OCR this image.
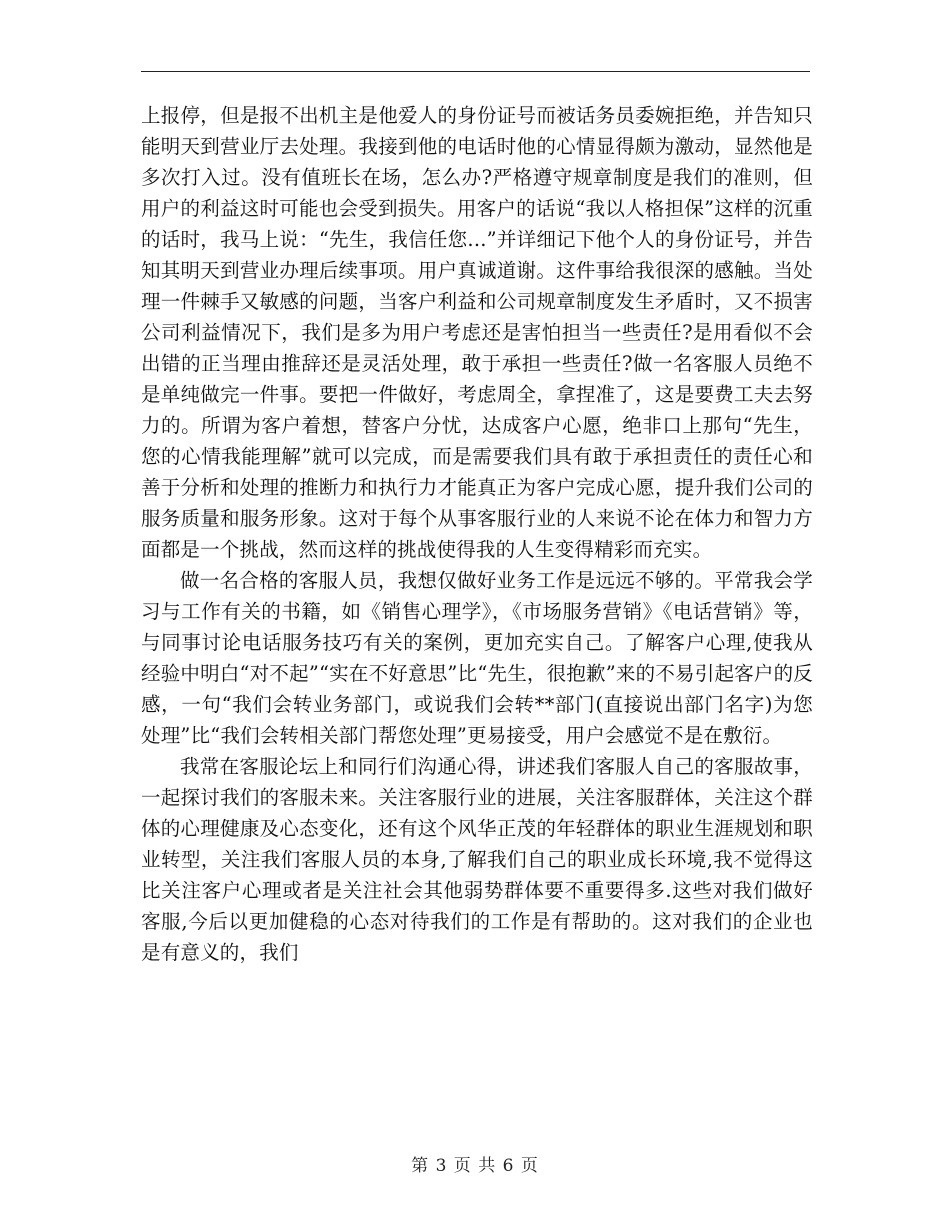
上报停，但是报不出机主是他爱人的身份证号而被话务员委婉拒绝，并告知只能明天到营业厅去处理。我接到他的电话时他的心情显得颇为激动，显然他是多次打入过。没有值班长在场，怎么办?严格遵守规章制度是我们的准则，但用户的利益这时可能也会受到损失。用客户的话说“我以人格担保”这样的沉重的话时，我马上说：“先生，我信任您...”并详细记下他个人的身份证号，并告知其明天到营业办理后续事项。用户真诚道谢。这件事给我很深的感触。当处理一件棘手又敏感的问题，当客户利益和公司规章制度发生矛盾时，又不损害公司利益情况下，我们是多为用户考虑还是害怕担当一些责任?是用看似不会出错的正当理由推辞还是灵活处理，敢于承担一些责任?做一名客服人员绝不是单纯做完一件事。要把一件做好，考虑周全，拿捏准了，这是要费工夫去努力的。所谓为客户着想，替客户分忧，达成客户心愿，绝非口上那句“先生，您的心情我能理解”就可以完成，而是需要我们具有敢于承担责任的责任心和善于分析和处理的推断力和执行力才能真正为客户完成心愿，提升我们公司的服务质量和服务形象。这对于每个从事客服行业的人来说不论在体力和智力方面都是一个挑战，然而这样的挑战使得我的人生变得精彩而充实。

做一名合格的客服人员，我想仅做好业务工作是远远不够的。平常我会学习与工作有关的书籍，如《销售心理学》，《市场服务营销》《电话营销》等，与同事讨论电话服务技巧有关的案例，更加充实自己。了解客户心理,使我从经验中明白“对不起”“实在不好意思”比“先生，很抱歉”来的不易引起客户的反感，一句“我们会转业务部门，或说我们会转**部门(直接说出部门名字)为您处理”比“我们会转相关部门帮您处理”更易接受，用户会感觉不是在敷衍。

我常在客服论坛上和同行们沟通心得，讲述我们客服人自己的客服故事，一起探讨我们的客服未来。关注客服行业的进展，关注客服群体，关注这个群体的心理健康及心态变化，还有这个风华正茂的年轻群体的职业生涯规划和职业转型，关注我们客服人员的本身,了解我们自己的职业成长环境,我不觉得这比关注客户心理或者是关注社会其他弱势群体要不重要得多.这些对我们做好客服,今后以更加健稳的心态对待我们的工作是有帮助的。这对我们的企业也是有意义的，我们

第 3 页 共 6 页
